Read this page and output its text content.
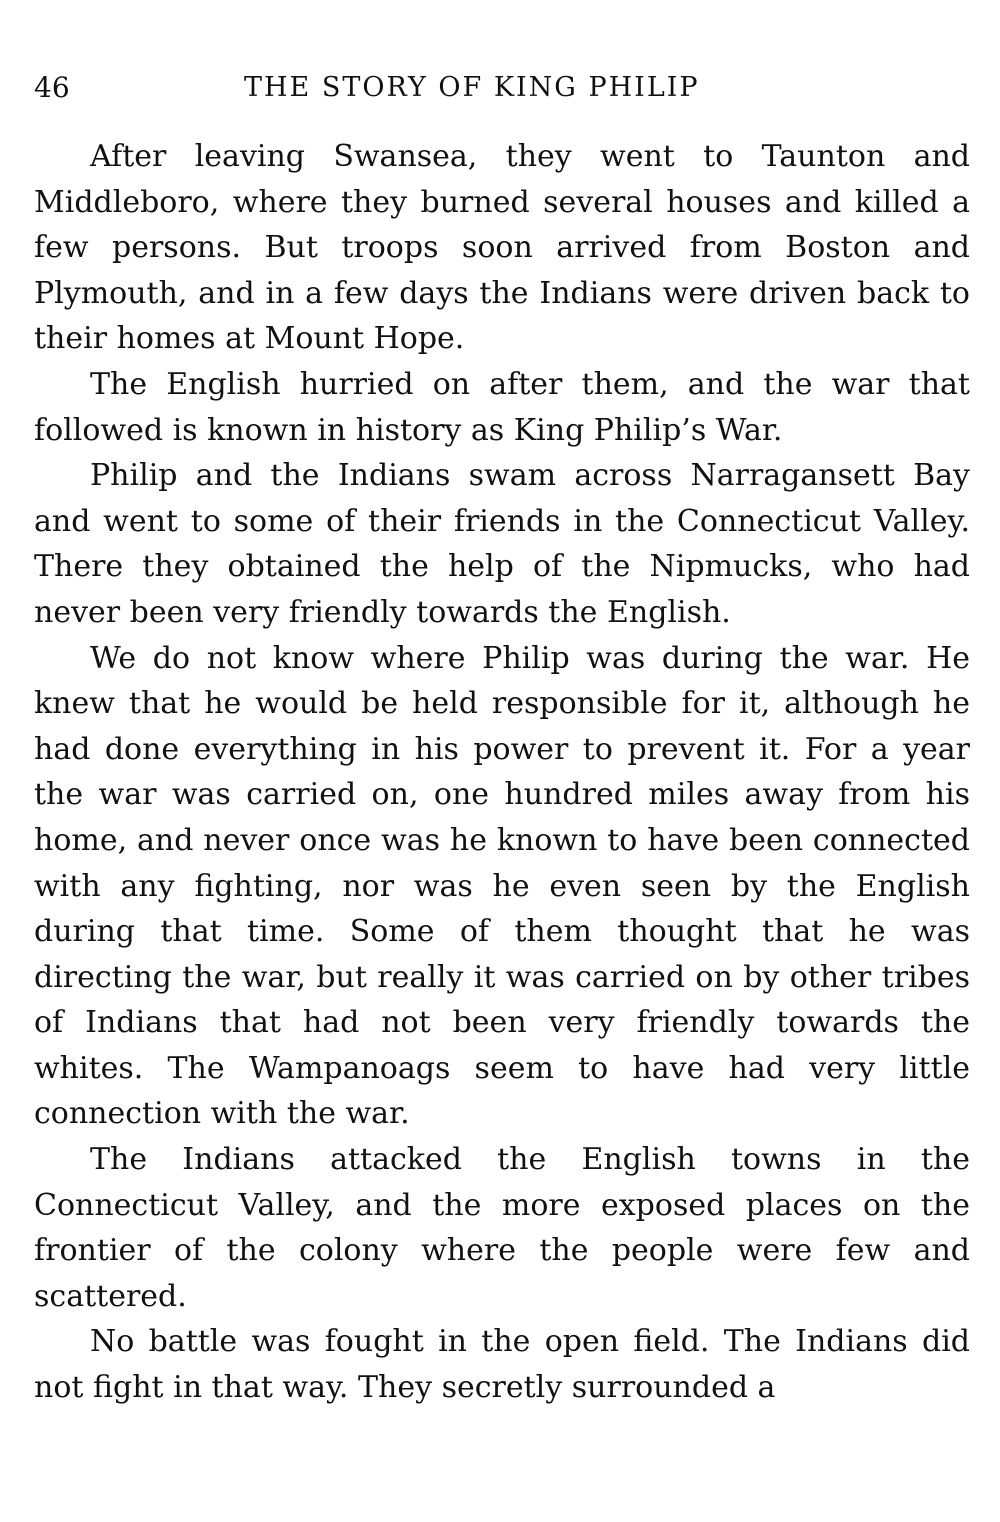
46	THE STORY OF KING PHILIP

After leaving Swansea, they went to Taunton and Middleboro, where they burned several houses and killed a few persons. But troops soon arrived from Boston and Plymouth, and in a few days the Indians were driven back to their homes at Mount Hope.

The English hurried on after them, and the war that followed is known in history as King Philip’s War.

Philip and the Indians swam across Narragansett Bay and went to some of their friends in the Connecticut Valley. There they obtained the help of the Nipmucks, who had never been very friendly towards the English.

We do not know where Philip was during the war. He knew that he would be held responsible for it, although he had done everything in his power to prevent it. For a year the war was carried on, one hundred miles away from his home, and never once was he known to have been connected with any fighting, nor was he even seen by the English during that time. Some of them thought that he was directing the war, but really it was carried on by other tribes of Indians that had not been very friendly towards the whites. The Wampanoags seem to have had very little connection with the war.

The Indians attacked the English towns in the Connecticut Valley, and the more exposed places on the frontier of the colony where the people were few and scattered.

No battle was fought in the open field. The Indians did not fight in that way. They secretly surrounded a
